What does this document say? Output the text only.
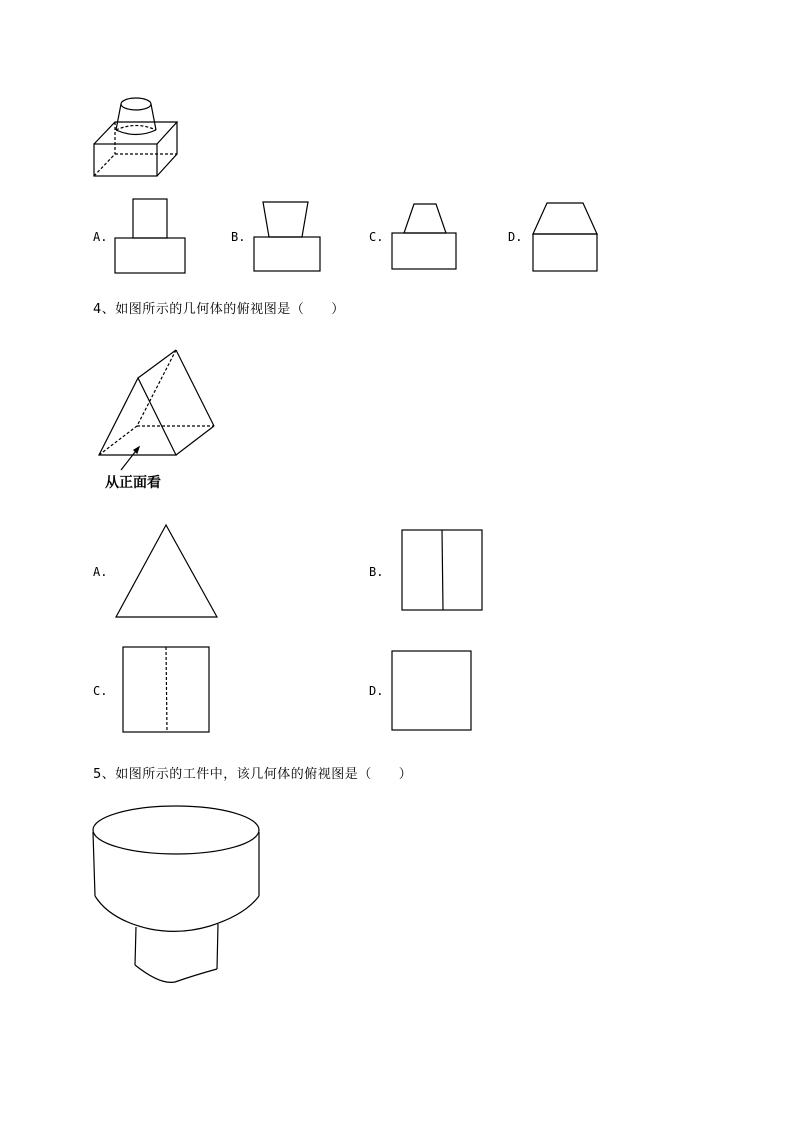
A.	B.	C.	D.
4、如图所示的几何体的俯视图是（　　）
从正面看
A.	B.
C.	D.
5、如图所示的工件中，该几何体的俯视图是（　　）
